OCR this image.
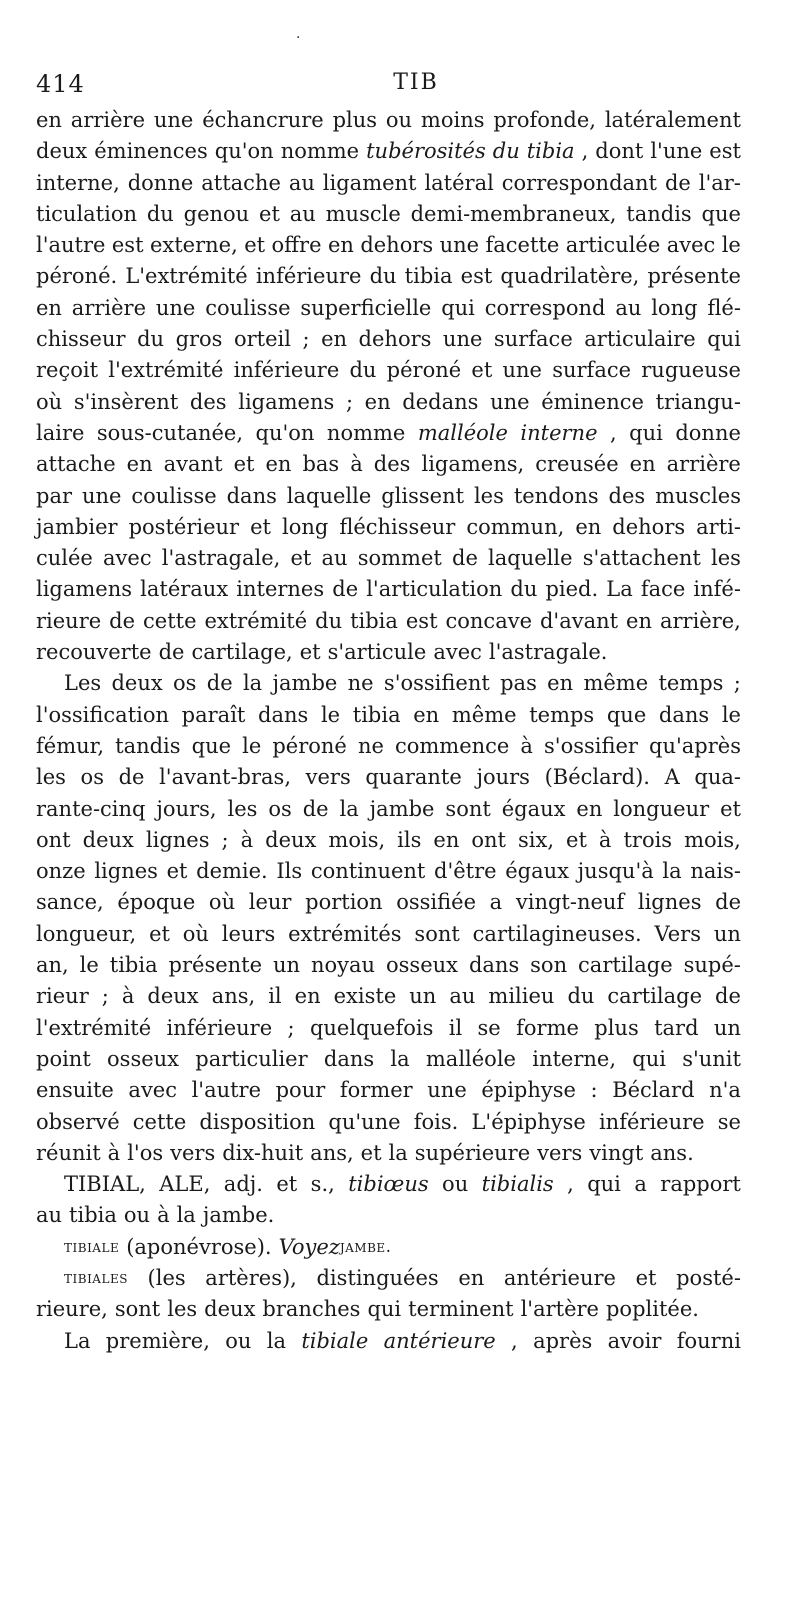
·
414	TIB
en arrière une échancrure plus ou moins profonde, latéralement
deux éminences qu'on nomme tubérosités du tibia , dont l'une est
interne, donne attache au ligament latéral correspondant de l'ar-
ticulation du genou et au muscle demi-membraneux, tandis que
l'autre est externe, et offre en dehors une facette articulée avec le
péroné. L'extrémité inférieure du tibia est quadrilatère, présente
en arrière une coulisse superficielle qui correspond au long flé-
chisseur du gros orteil ; en dehors une surface articulaire qui
reçoit l'extrémité inférieure du péroné et une surface rugueuse
où s'insèrent des ligamens ; en dedans une éminence triangu-
laire sous-cutanée, qu'on nomme malléole interne , qui donne
attache en avant et en bas à des ligamens, creusée en arrière
par une coulisse dans laquelle glissent les tendons des muscles
jambier postérieur et long fléchisseur commun, en dehors arti-
culée avec l'astragale, et au sommet de laquelle s'attachent les
ligamens latéraux internes de l'articulation du pied. La face infé-
rieure de cette extrémité du tibia est concave d'avant en arrière,
recouverte de cartilage, et s'articule avec l'astragale.
Les deux os de la jambe ne s'ossifient pas en même temps ;
l'ossification paraît dans le tibia en même temps que dans le
fémur, tandis que le péroné ne commence à s'ossifier qu'après
les os de l'avant-bras, vers quarante jours (Béclard). A qua-
rante-cinq jours, les os de la jambe sont égaux en longueur et
ont deux lignes ; à deux mois, ils en ont six, et à trois mois,
onze lignes et demie. Ils continuent d'être égaux jusqu'à la nais-
sance, époque où leur portion ossifiée a vingt-neuf lignes de
longueur, et où leurs extrémités sont cartilagineuses. Vers un
an, le tibia présente un noyau osseux dans son cartilage supé-
rieur ; à deux ans, il en existe un au milieu du cartilage de
l'extrémité inférieure ; quelquefois il se forme plus tard un
point osseux particulier dans la malléole interne, qui s'unit
ensuite avec l'autre pour former une épiphyse : Béclard n'a
observé cette disposition qu'une fois. L'épiphyse inférieure se
réunit à l'os vers dix-huit ans, et la supérieure vers vingt ans.
TIBIAL, ALE, adj. et s., tibiœus ou tibialis , qui a rapport
au tibia ou à la jambe.
tibiale (aponévrose). Voyez jambe.
tibiales (les artères), distinguées en antérieure et posté-
rieure, sont les deux branches qui terminent l'artère poplitée.
La première, ou la tibiale antérieure , après avoir fourni
